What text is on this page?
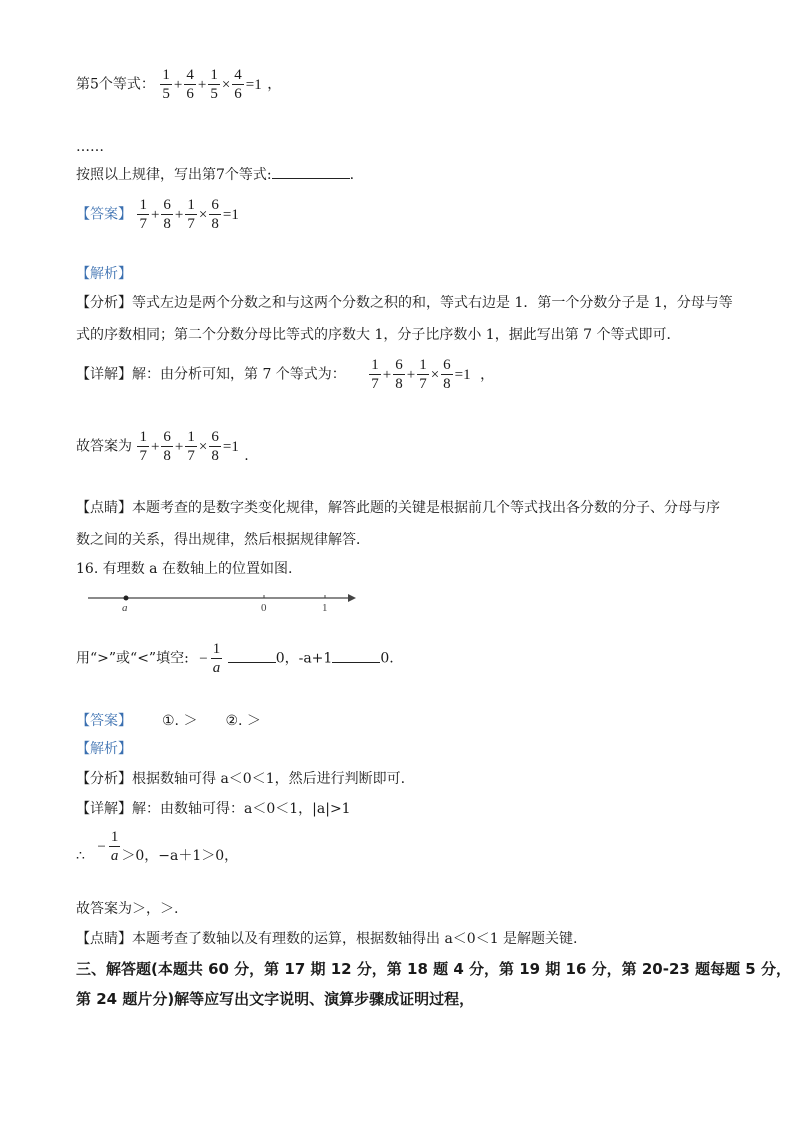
第5个等式： $\frac{1}{5} + \frac{4}{6} + \frac{1}{5} \times \frac{4}{6} =1$ ，
……
按照以上规律，写出第7个等式:	.
【答案】 $\frac{1}{7} + \frac{6}{8} + \frac{1}{7} \times \frac{6}{8} =1$
【解析】
【分析】等式左边是两个分数之和与这两个分数之积的和，等式右边是 1．第一个分数分子是 1，分母与等
式的序数相同；第二个分数分母比等式的序数大 1，分子比序数小 1，据此写出第 7 个等式即可．
【详解】解：由分析可知，第 7 个等式为： $\frac{1}{7} + \frac{6}{8} + \frac{1}{7} \times \frac{6}{8} =1$ ，
故答案为 $\frac{1}{7} + \frac{6}{8} + \frac{1}{7} \times \frac{6}{8} =1$ .
【点睛】本题考查的是数字类变化规律，解答此题的关键是根据前几个等式找出各分数的分子、分母与序
数之间的关系，得出规律，然后根据规律解答．
16. 有理数 a 在数轴上的位置如图.
a	0	1
用“>”或“<”填空: − $\frac{1}{a}$	0，-a+1	0.
【答案】 ①. ＞　　②. ＞
【解析】
【分析】根据数轴可得 a＜0＜1，然后进行判断即可.
【详解】解：由数轴可得：a＜0＜1，|a|>1
∴ − $\frac{1}{a} >0$，−a＋1＞0，
故答案为＞，＞.
【点睛】本题考查了数轴以及有理数的运算，根据数轴得出 a＜0＜1 是解题关键.
三、解答题(本题共 60 分，第 17 期 12 分，第 18 题 4 分，第 19 期 16 分，第 20-23 题每题 5 分，
第 24 题片分)解等应写出文字说明、演算步骤成证明过程，
